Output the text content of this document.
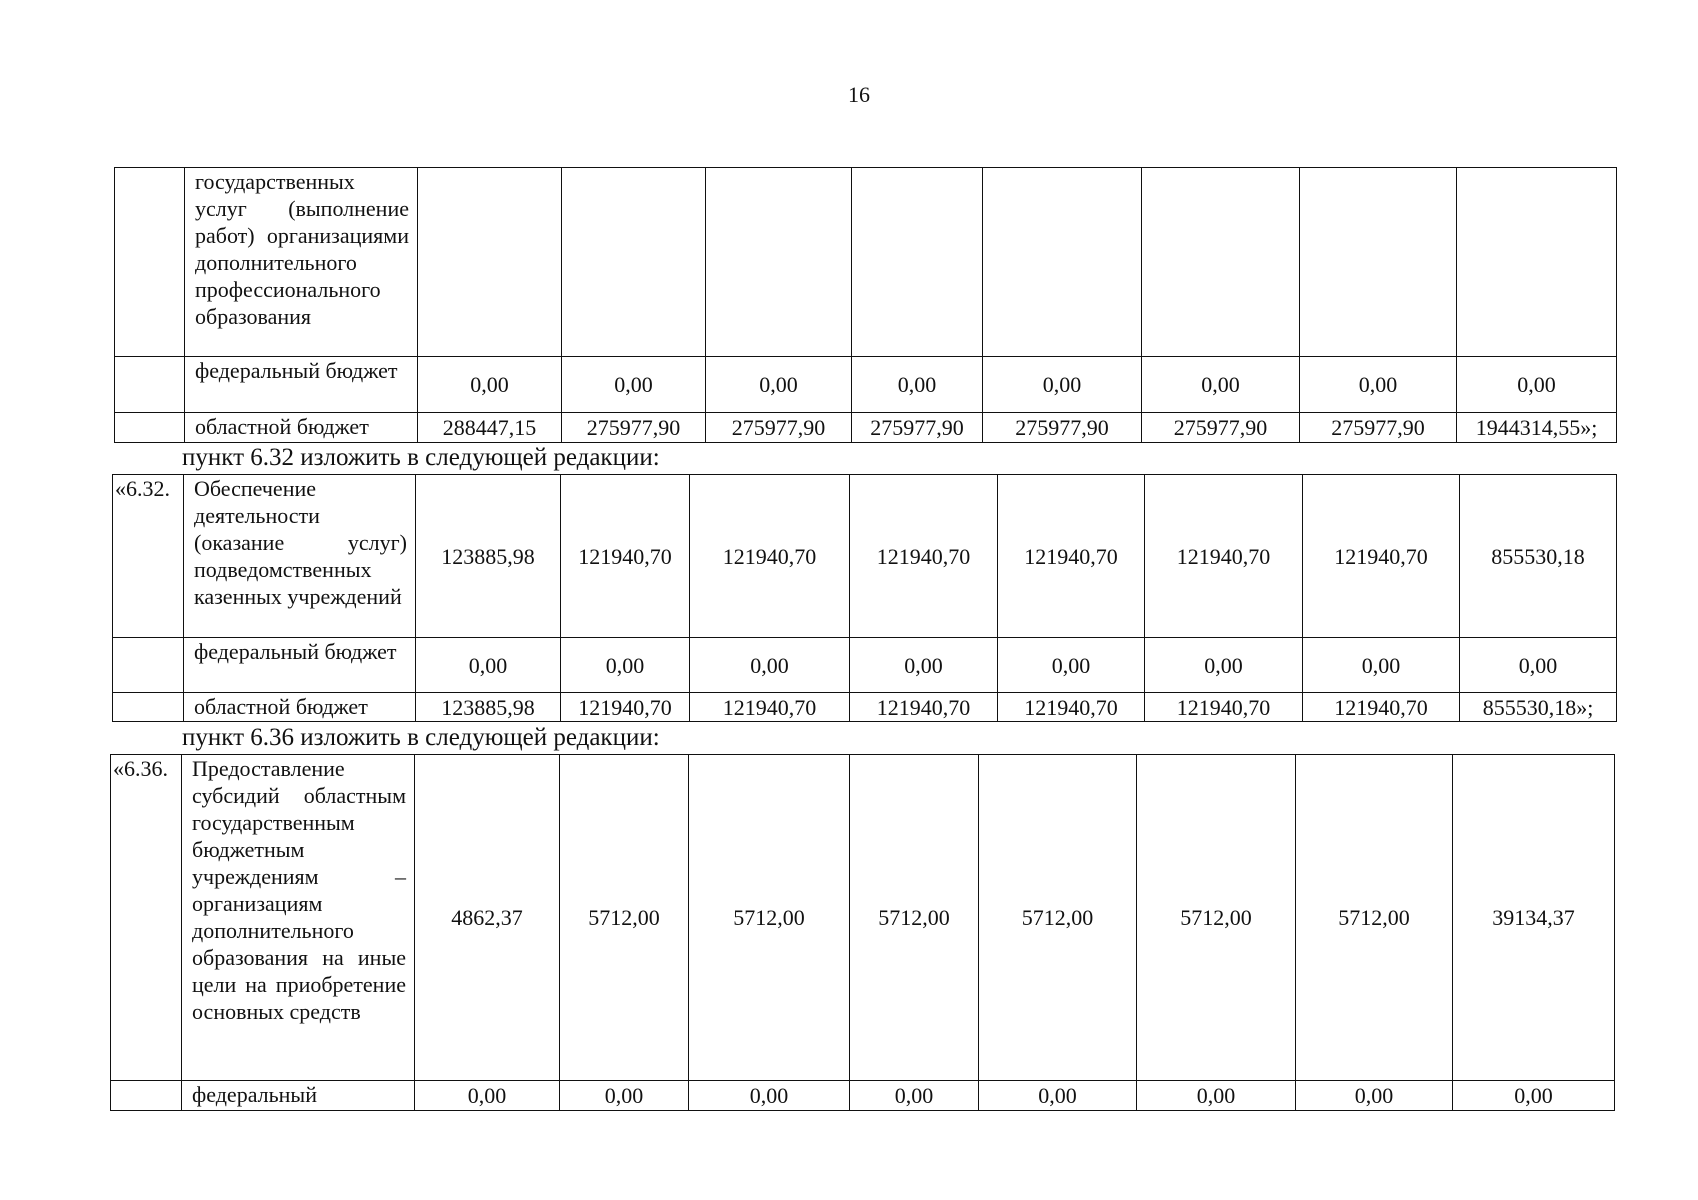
16
	государственных услуг (выполнение работ) организациями дополнительного профессионального образования								
	федеральный бюджет	0,00	0,00	0,00	0,00	0,00	0,00	0,00	0,00
	областной бюджет	288447,15	275977,90	275977,90	275977,90	275977,90	275977,90	275977,90	1944314,55»;
пункт 6.32 изложить в следующей редакции:
«6.32.	Обеспечение деятельности (оказание услуг) подведомственных казенных учреждений	123885,98	121940,70	121940,70	121940,70	121940,70	121940,70	121940,70	855530,18
	федеральный бюджет	0,00	0,00	0,00	0,00	0,00	0,00	0,00	0,00
	областной бюджет	123885,98	121940,70	121940,70	121940,70	121940,70	121940,70	121940,70	855530,18»;
пункт 6.36 изложить в следующей редакции:
«6.36.	Предоставление субсидий областным государственным бюджетным учреждениям – организациям дополнительного образования на иные цели на приобретение основных средств	4862,37	5712,00	5712,00	5712,00	5712,00	5712,00	5712,00	39134,37
	федеральный	0,00	0,00	0,00	0,00	0,00	0,00	0,00	0,00
